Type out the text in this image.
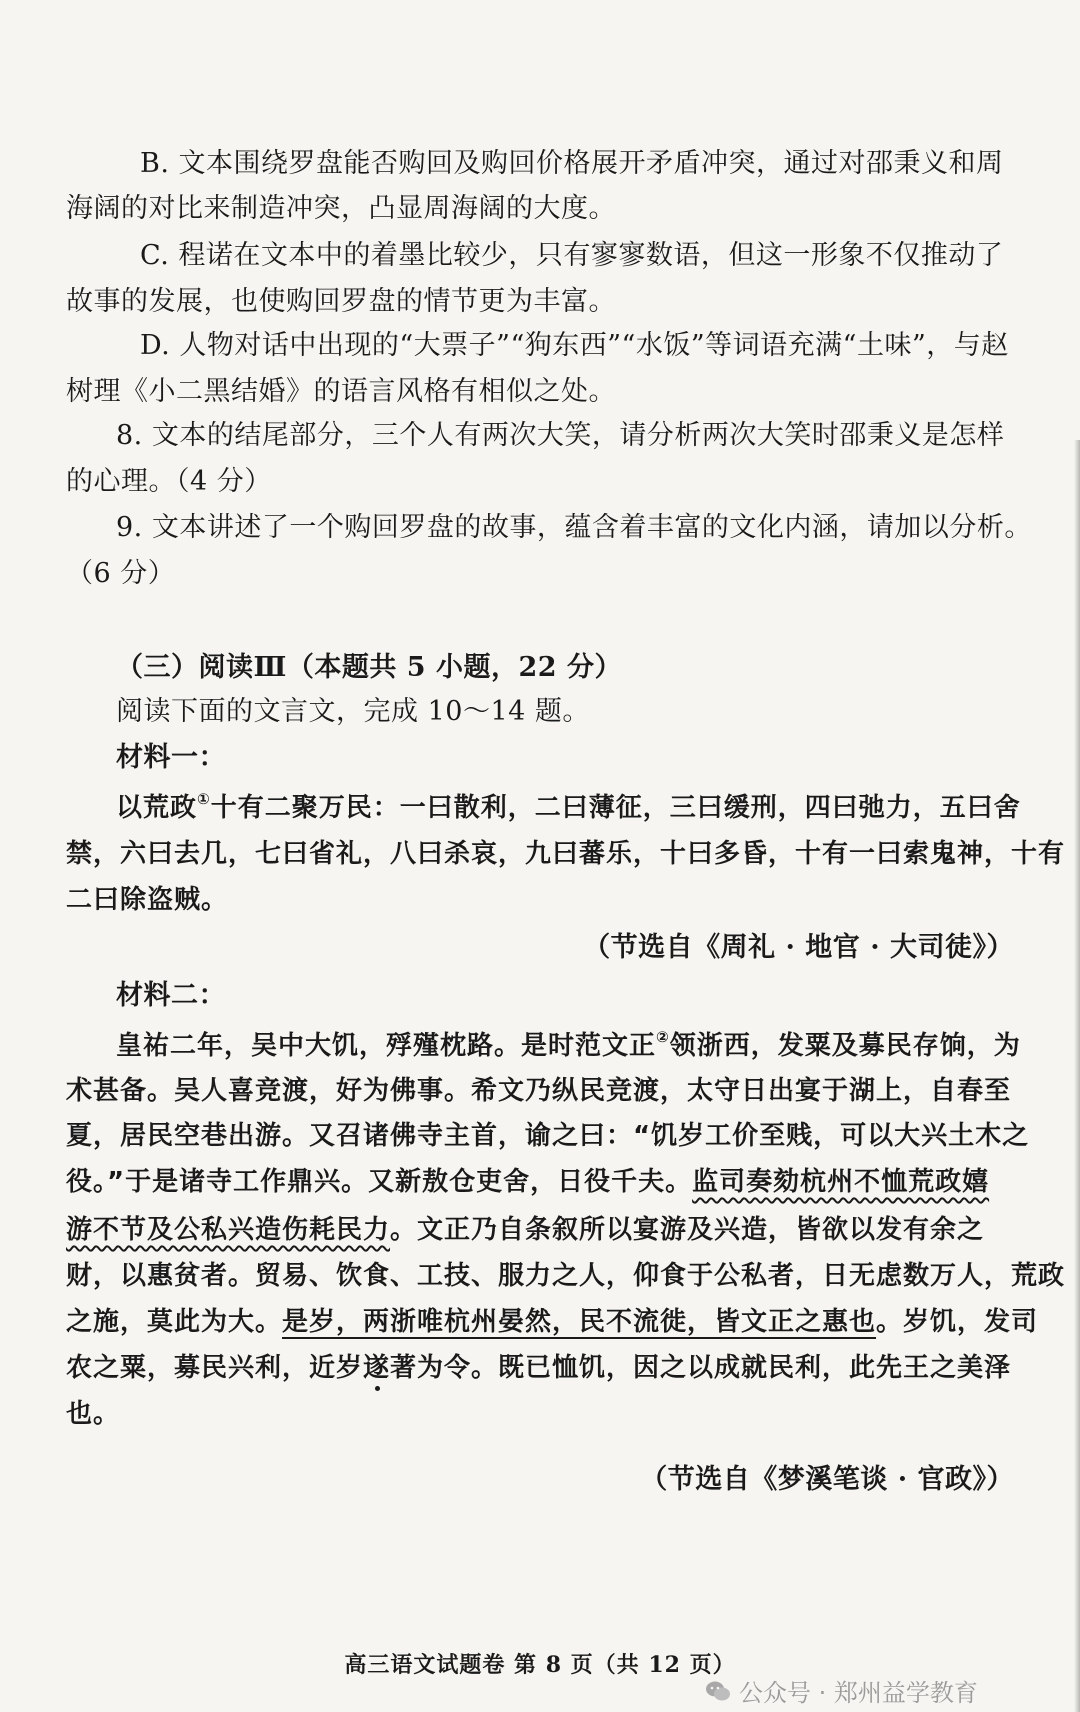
B. 文本围绕罗盘能否购回及购回价格展开矛盾冲突，通过对邵秉义和周
海阔的对比来制造冲突，凸显周海阔的大度。
C. 程诺在文本中的着墨比较少，只有寥寥数语，但这一形象不仅推动了
故事的发展，也使购回罗盘的情节更为丰富。
D. 人物对话中出现的“大票子”“狗东西”“水饭”等词语充满“土味”，与赵
树理《小二黑结婚》的语言风格有相似之处。
8. 文本的结尾部分，三个人有两次大笑，请分析两次大笑时邵秉义是怎样
的心理。（4 分）
9. 文本讲述了一个购回罗盘的故事，蕴含着丰富的文化内涵，请加以分析。
（6 分）
（三）阅读Ⅲ（本题共 5 小题，22 分）
阅读下面的文言文，完成 10～14 题。
材料一：
以荒政①十有二聚万民：一曰散利，二曰薄征，三曰缓刑，四曰弛力，五曰舍
禁，六曰去几，七曰省礼，八曰杀哀，九曰蕃乐，十曰多昏，十有一曰索鬼神，十有
二曰除盗贼。
（节选自《周礼 · 地官 · 大司徒》）
材料二：
皇祐二年，吴中大饥，殍殣枕路。是时范文正②领浙西，发粟及募民存饷，为
术甚备。吴人喜竞渡，好为佛事。希文乃纵民竞渡，太守日出宴于湖上，自春至
夏，居民空巷出游。又召诸佛寺主首，谕之曰：“饥岁工价至贱，可以大兴土木之
役。”于是诸寺工作鼎兴。又新敖仓吏舍，日役千夫。监司奏劾杭州不恤荒政嬉
游不节及公私兴造伤耗民力。文正乃自条叙所以宴游及兴造，皆欲以发有余之
财，以惠贫者。贸易、饮食、工技、服力之人，仰食于公私者，日无虑数万人，荒政
之施，莫此为大。是岁，两浙唯杭州晏然，民不流徙，皆文正之惠也。岁饥，发司
农之粟，募民兴利，近岁遂著为令。既已恤饥，因之以成就民利，此先王之美泽
也。
（节选自《梦溪笔谈 · 官政》）
高三语文试题卷 第 8 页（共 12 页）
公众号 · 郑州益学教育
